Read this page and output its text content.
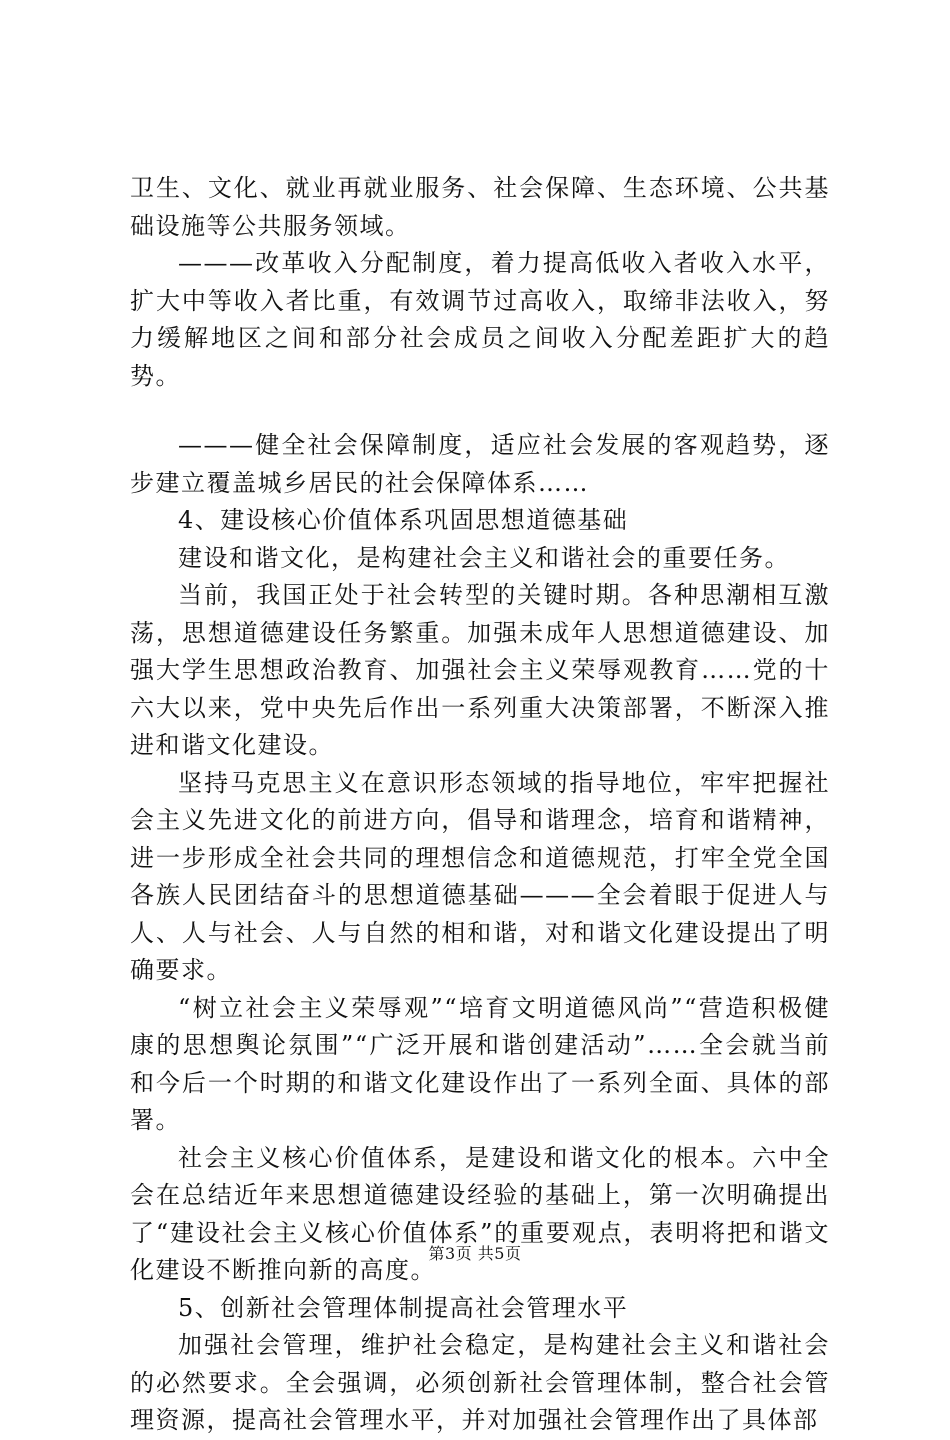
卫生、文化、就业再就业服务、社会保障、生态环境、公共基础设施等公共服务领域。

———改革收入分配制度，着力提高低收入者收入水平，扩大中等收入者比重，有效调节过高收入，取缔非法收入，努力缓解地区之间和部分社会成员之间收入分配差距扩大的趋势。

———健全社会保障制度，适应社会发展的客观趋势，逐步建立覆盖城乡居民的社会保障体系……

4、建设核心价值体系巩固思想道德基础

建设和谐文化，是构建社会主义和谐社会的重要任务。

当前，我国正处于社会转型的关键时期。各种思潮相互激荡，思想道德建设任务繁重。加强未成年人思想道德建设、加强大学生思想政治教育、加强社会主义荣辱观教育……党的十六大以来，党中央先后作出一系列重大决策部署，不断深入推进和谐文化建设。

坚持马克思主义在意识形态领域的指导地位，牢牢把握社会主义先进文化的前进方向，倡导和谐理念，培育和谐精神，进一步形成全社会共同的理想信念和道德规范，打牢全党全国各族人民团结奋斗的思想道德基础———全会着眼于促进人与人、人与社会、人与自然的相和谐，对和谐文化建设提出了明确要求。

“树立社会主义荣辱观”“培育文明道德风尚”“营造积极健康的思想舆论氛围”“广泛开展和谐创建活动”……全会就当前和今后一个时期的和谐文化建设作出了一系列全面、具体的部署。

社会主义核心价值体系，是建设和谐文化的根本。六中全会在总结近年来思想道德建设经验的基础上，第一次明确提出了“建设社会主义核心价值体系”的重要观点，表明将把和谐文化建设不断推向新的高度。

5、创新社会管理体制提高社会管理水平

加强社会管理，维护社会稳定，是构建社会主义和谐社会的必然要求。全会强调，必须创新社会管理体制，整合社会管理资源，提高社会管理水平，并对加强社会管理作出了具体部

第3页 共5页
